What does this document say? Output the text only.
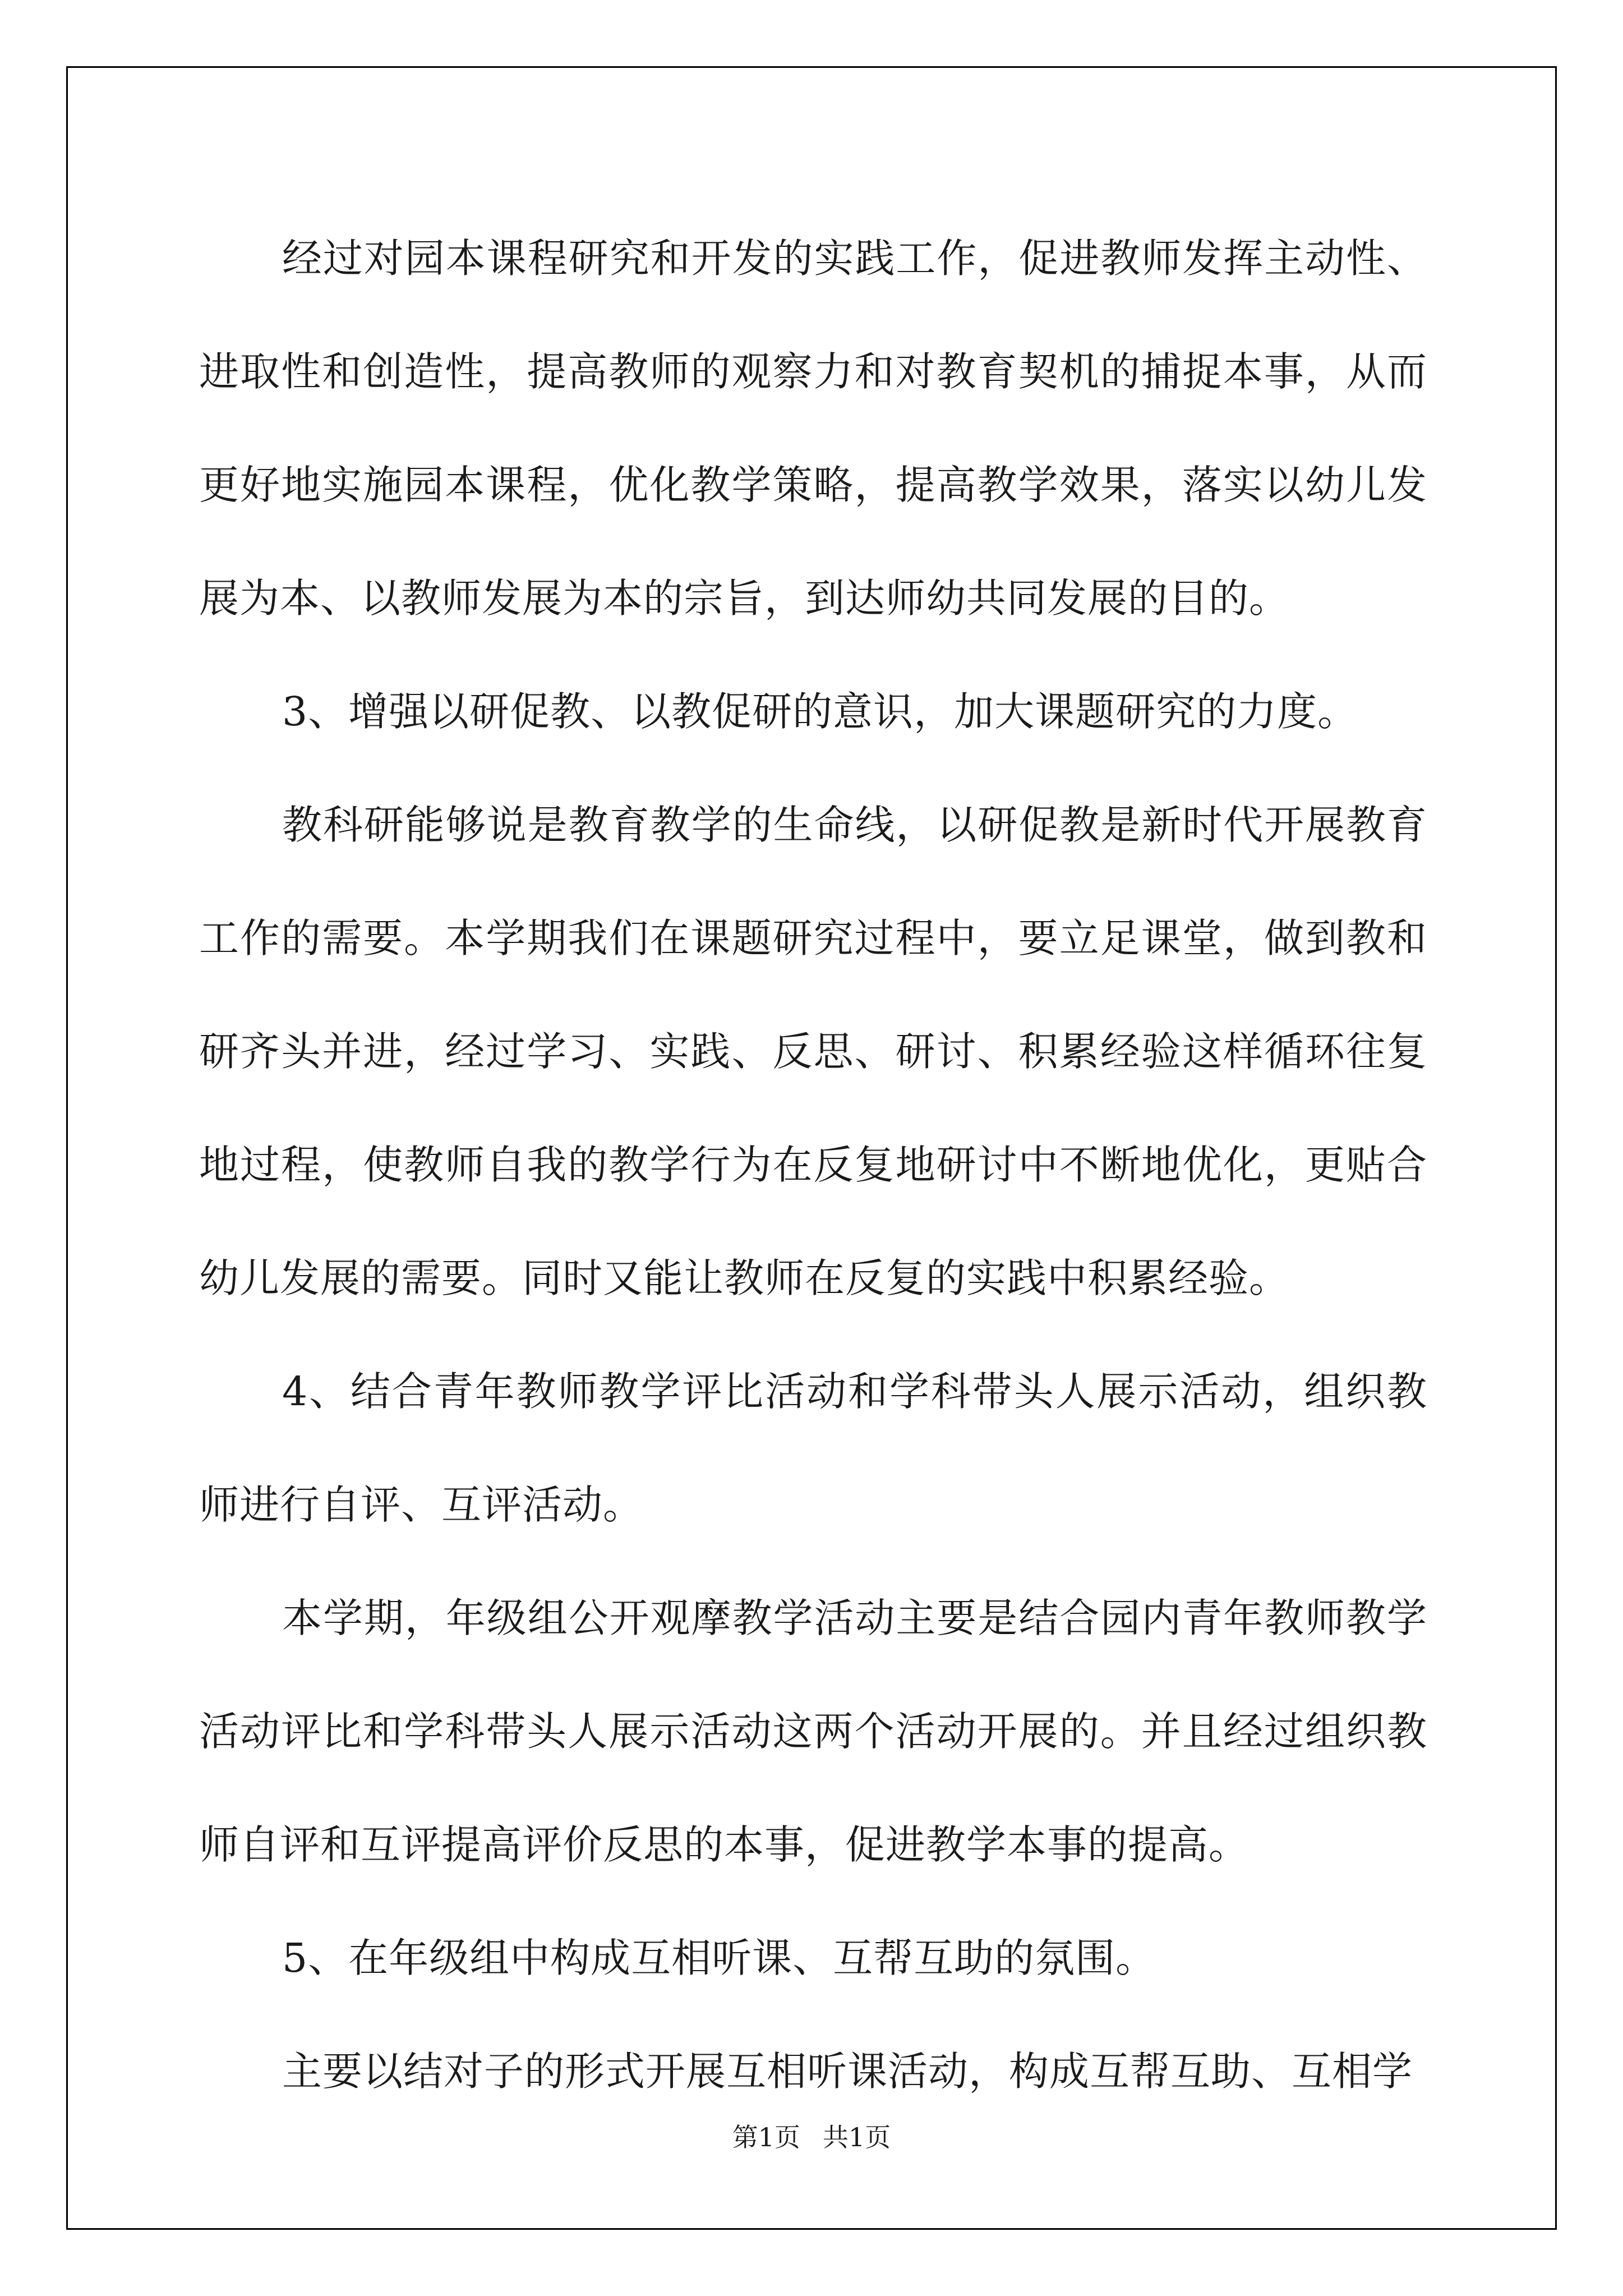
经过对园本课程研究和开发的实践工作，促进教师发挥主动性、进取性和创造性，提高教师的观察力和对教育契机的捕捉本事，从而更好地实施园本课程，优化教学策略，提高教学效果，落实以幼儿发展为本、以教师发展为本的宗旨，到达师幼共同发展的目的。

3、增强以研促教、以教促研的意识，加大课题研究的力度。

教科研能够说是教育教学的生命线，以研促教是新时代开展教育工作的需要。本学期我们在课题研究过程中，要立足课堂，做到教和研齐头并进，经过学习、实践、反思、研讨、积累经验这样循环往复地过程，使教师自我的教学行为在反复地研讨中不断地优化，更贴合幼儿发展的需要。同时又能让教师在反复的实践中积累经验。

4、结合青年教师教学评比活动和学科带头人展示活动，组织教师进行自评、互评活动。

本学期，年级组公开观摩教学活动主要是结合园内青年教师教学活动评比和学科带头人展示活动这两个活动开展的。并且经过组织教师自评和互评提高评价反思的本事，促进教学本事的提高。

5、在年级组中构成互相听课、互帮互助的氛围。

主要以结对子的形式开展互相听课活动，构成互帮互助、互相学

第1页 共1页
